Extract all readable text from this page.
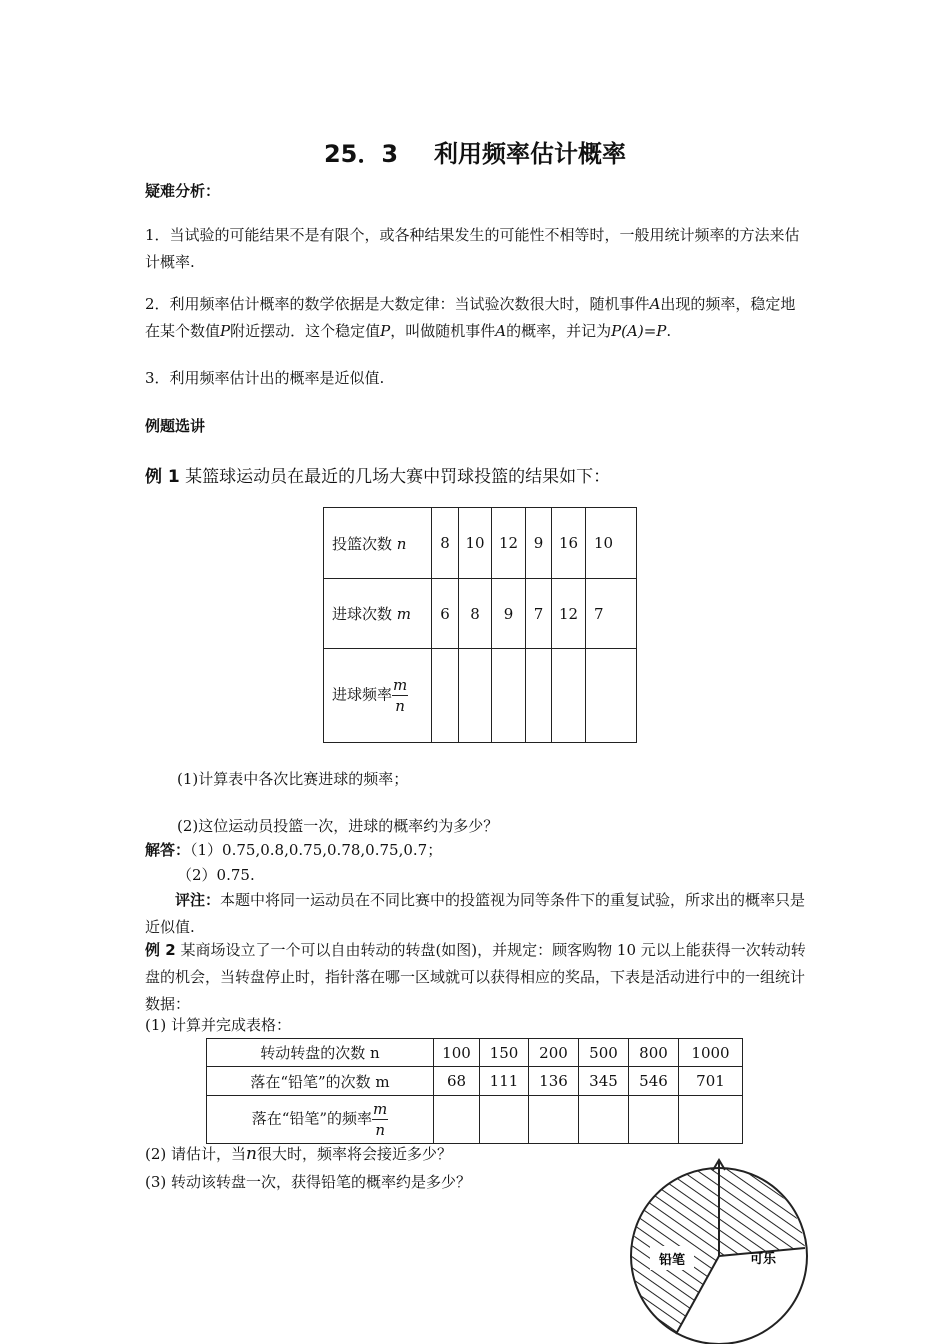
25．3 利用频率估计概率
疑难分析：
1．当试验的可能结果不是有限个，或各种结果发生的可能性不相等时，一般用统计频率的方法来估计概率.
2．利用频率估计概率的数学依据是大数定律：当试验次数很大时，随机事件A出现的频率，稳定地在某个数值P附近摆动．这个稳定值P，叫做随机事件A的概率，并记为P(A)=P.
3．利用频率估计出的概率是近似值.
例题选讲
例 1 某篮球运动员在最近的几场大赛中罚球投篮的结果如下：
投篮次数 n	8	10	12	9	16	10
进球次数 m	6	8	9	7	12	7
进球频率 $\frac{m}{n}$

(1)计算表中各次比赛进球的频率；
(2)这位运动员投篮一次，进球的概率约为多少？
解答：（1）0.75,0.8,0.75,0.78,0.75,0.7；
（2）0.75.
评注：本题中将同一运动员在不同比赛中的投篮视为同等条件下的重复试验，所求出的概率只是近似值.
例 2 某商场设立了一个可以自由转动的转盘(如图)，并规定：顾客购物 10 元以上能获得一次转动转盘的机会，当转盘停止时，指针落在哪一区域就可以获得相应的奖品，下表是活动进行中的一组统计数据：
(1) 计算并完成表格：
转动转盘的次数 n	100	150	200	500	800	1000
落在“铅笔”的次数 m	68	111	136	345	546	701
落在“铅笔”的频率 $\frac{m}{n}$

(2) 请估计，当n很大时，频率将会接近多少？
(3) 转动该转盘一次，获得铅笔的概率约是多少？
铅笔	可乐
